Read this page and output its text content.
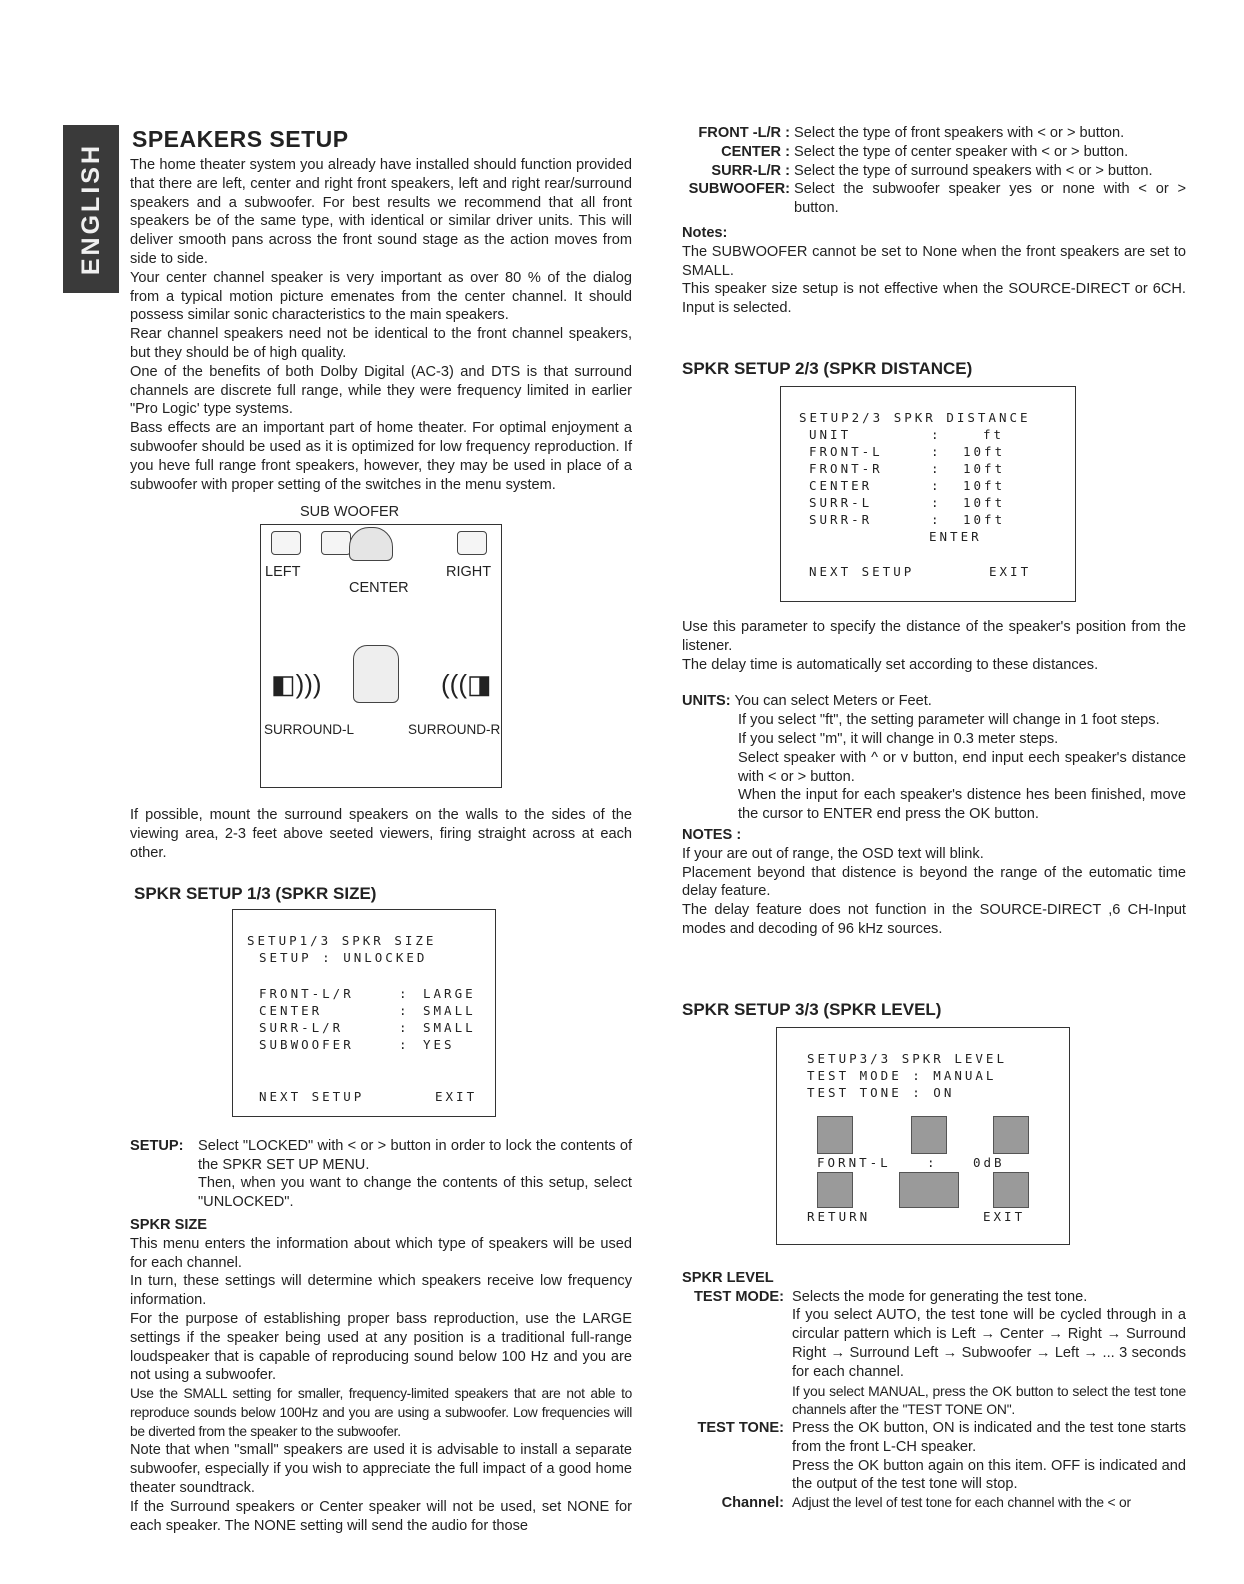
ENGLISH
SPEAKERS SETUP

The home theater system you already have installed should function provided that there are left, center and right front speakers, left and right rear/surround speakers and a subwoofer. For best results we recommend that all front speakers be of the same type, with identical or similar driver units. This will deliver smooth pans across the front sound stage as the action moves from side to side.

Your center channel speaker is very important as over 80 % of the dialog from a typical motion picture emenates from the center channel. It should possess similar sonic characteristics to the main speakers.

Rear channel speakers need not be identical to the front channel speakers, but they should be of high quality.

One of the benefits of both Dolby Digital (AC-3) and DTS is that surround channels are discrete full range, while they were frequency limited in earlier "Pro Logic' type systems.

Bass effects are an important part of home theater. For optimal enjoyment a subwoofer should be used as it is optimized for low frequency reproduction. If you heve full range front speakers, however, they may be used in place of a subwoofer with proper setting of the switches in the menu system.

SUB WOOFER
LEFT	RIGHT
CENTER
◧)))	(((◨
SURROUND-L	SURROUND-R

If possible, mount the surround speakers on the walls to the sides of the viewing area, 2-3 feet above seeted viewers, firing straight across at each other.

SPKR SETUP 1/3 (SPKR SIZE)
SETUP1/3 SPKR SIZE
SETUP : UNLOCKED
FRONT-L/R	: LARGE
CENTER	: SMALL
SURR-L/R	: SMALL
SUBWOOFER	: YES
NEXT SETUP	EXIT
SETUP: Select "LOCKED" with < or > button in order to lock the contents of the SPKR SET UP MENU.
Then, when you want to change the contents of this setup, select "UNLOCKED".
SPKR SIZE

This menu enters the information about which type of speakers will be used for each channel.

In turn, these settings will determine which speakers receive low frequency information.

For the purpose of establishing proper bass reproduction, use the LARGE settings if the speaker being used at any position is a traditional full-range loudspeaker that is capable of reproducing sound below 100 Hz and you are not using a subwoofer.

Use the SMALL setting for smaller, frequency-limited speakers that are not able to reproduce sounds below 100Hz and you are using a subwoofer. Low frequencies will be diverted from the speaker to the subwoofer.

Note that when "small" speakers are used it is advisable to install a separate subwoofer, especially if you wish to appreciate the full impact of a good home theater soundtrack.

If the Surround speakers or Center speaker will not be used, set NONE for each speaker. The NONE setting will send the audio for those

FRONT -L/R : Select the type of front speakers with < or > button.
CENTER : Select the type of center speaker with < or > button.
SURR-L/R : Select the type of surround speakers with < or > button.
SUBWOOFER: Select the subwoofer speaker yes or none with < or > button.
Notes:

The SUBWOOFER cannot be set to None when the front speakers are set to SMALL.

This speaker size setup is not effective when the SOURCE-DIRECT or 6CH. Input is selected.

SPKR SETUP 2/3 (SPKR DISTANCE)
SETUP2/3 SPKR DISTANCE
UNIT	:	ft
FRONT-L	: 10ft
FRONT-R	: 10ft
CENTER	: 10ft
SURR-L	: 10ft
SURR-R	: 10ft
ENTER
NEXT SETUP	EXIT

Use this parameter to specify the distance of the speaker's position from the listener.

The delay time is automatically set according to these distances.

UNITS: You can select Meters or Feet.

If you select "ft", the setting parameter will change in 1 foot steps.

If you select "m", it will change in 0.3 meter steps.

Select speaker with ^ or v button, end input eech speaker's distance with < or > button.

When the input for each speaker's distence hes been finished, move the cursor to ENTER end press the OK button.

NOTES :

If your are out of range, the OSD text will blink.

Placement beyond that distence is beyond the range of the eutomatic time delay feature.

The delay feature does not function in the SOURCE-DIRECT ,6 CH-Input modes and decoding of 96 kHz sources.

SPKR SETUP 3/3 (SPKR LEVEL)
SETUP3/3 SPKR LEVEL
TEST MODE : MANUAL
TEST TONE : ON
FORNT-L	:	0dB
RETURN	EXIT
SPKR LEVEL
TEST MODE: Selects the mode for generating the test tone.

If you select AUTO, the test tone will be cycled through in a circular pattern which is Left → Center → Right → Surround Right → Surround Left → Subwoofer → Left → ... 3 seconds for each channel.

If you select MANUAL, press the OK button to select the test tone channels after the "TEST TONE ON".

TEST TONE: Press the OK button, ON is indicated and the test tone starts from the front L-CH speaker.

Press the OK button again on this item. OFF is indicated and the output of the test tone will stop.

Channel: Adjust the level of test tone for each channel with the < or
